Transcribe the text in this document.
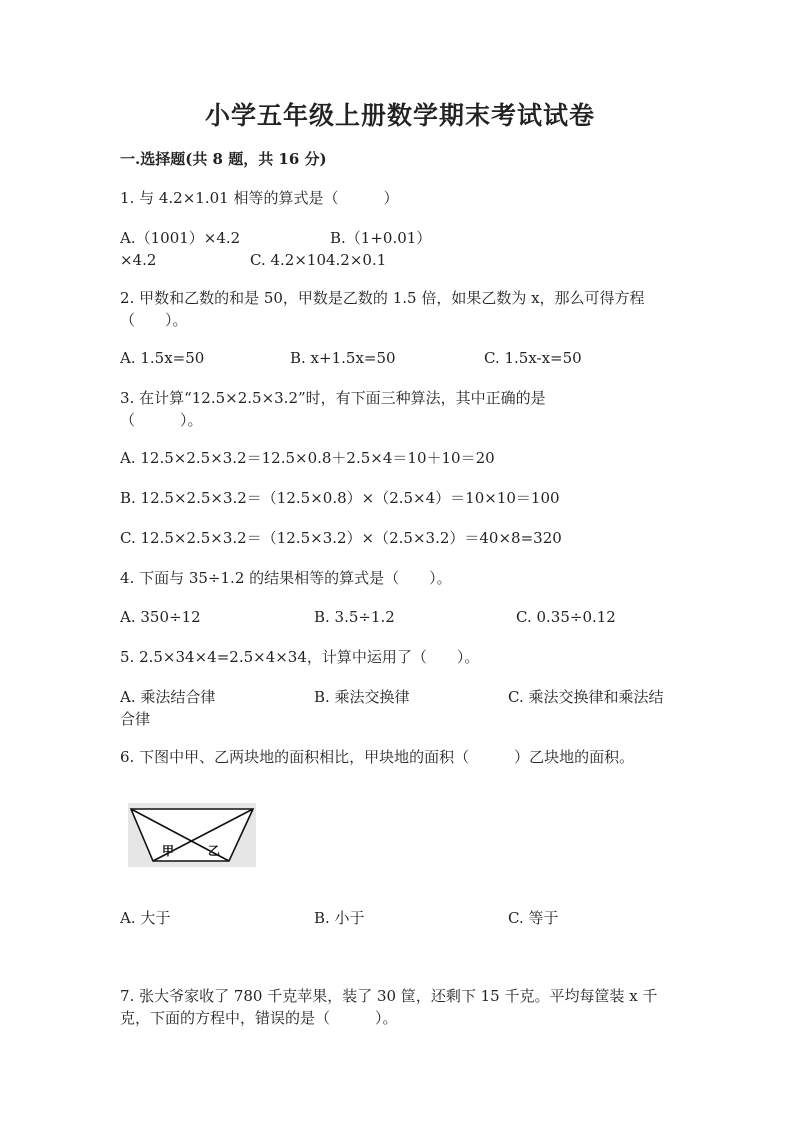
小学五年级上册数学期末考试试卷
一.选择题(共 8 题，共 16 分)
1. 与 4.2×1.01 相等的算式是（　　　）
A.（1001）×4.2	B.（1+0.01）
×4.2	C. 4.2×104.2×0.1
2. 甲数和乙数的和是 50，甲数是乙数的 1.5 倍，如果乙数为 x，那么可得方程
（　　）。
A. 1.5x=50	B. x+1.5x=50	C. 1.5x-x=50
3. 在计算“12.5×2.5×3.2”时，有下面三种算法，其中正确的是
（　　　）。
A. 12.5×2.5×3.2＝12.5×0.8＋2.5×4＝10＋10＝20
B. 12.5×2.5×3.2＝（12.5×0.8）×（2.5×4）＝10×10＝100
C. 12.5×2.5×3.2＝（12.5×3.2）×（2.5×3.2）＝40×8=320
4. 下面与 35÷1.2 的结果相等的算式是（　　）。
A. 350÷12	B. 3.5÷1.2	C. 0.35÷0.12
5. 2.5×34×4=2.5×4×34，计算中运用了（　　）。
A. 乘法结合律	B. 乘法交换律	C. 乘法交换律和乘法结
合律
6. 下图中甲、乙两块地的面积相比，甲块地的面积（　　　）乙块地的面积。
甲	乙
A. 大于	B. 小于	C. 等于
7. 张大爷家收了 780 千克苹果，装了 30 筐，还剩下 15 千克。平均每筐装 x 千
克，下面的方程中，错误的是（　　　）。
